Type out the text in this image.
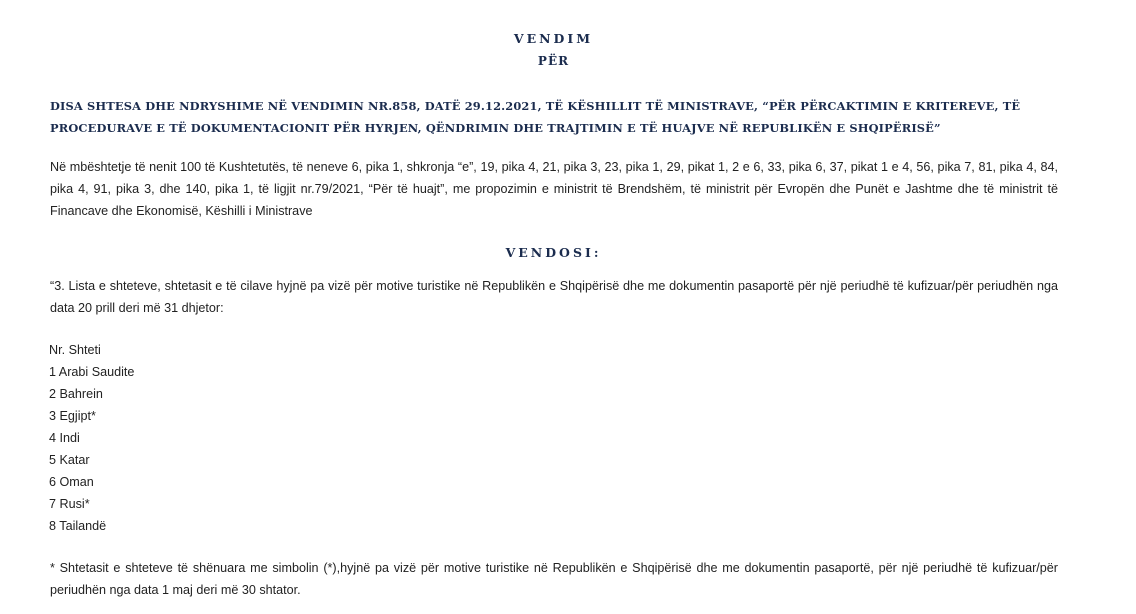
VENDIM
PËR
DISA SHTESA DHE NDRYSHIME NË VENDIMIN NR.858, DATË 29.12.2021, TË KËSHILLIT TË MINISTRAVE, “PËR PËRCAKTIMIN E KRITEREVE, TË PROCEDURAVE E TË DOKUMENTACIONIT PËR HYRJEN, QËNDRIMIN DHE TRAJTIMIN E TË HUAJVE NË REPUBLIKËN E SHQIPËRISË”

Në mbështetje të nenit 100 të Kushtetutës, të neneve 6, pika 1, shkronja “e”, 19, pika 4, 21, pika 3, 23, pika 1, 29, pikat 1, 2 e 6, 33, pika 6, 37, pikat 1 e 4, 56, pika 7, 81, pika 4, 84, pika 4, 91, pika 3, dhe 140, pika 1, të ligjit nr.79/2021, “Për të huajt”, me propozimin e ministrit të Brendshëm, të ministrit për Evropën dhe Punët e Jashtme dhe të ministrit të Financave dhe Ekonomisë, Këshilli i Ministrave

VENDOSI:

“3. Lista e shteteve, shtetasit e të cilave hyjnë pa vizë për motive turistike në Republikën e Shqipërisë dhe me dokumentin pasaportë për një periudhë të kufizuar/për periudhën nga data 20 prill deri më 31 dhjetor:

Nr. Shteti
1 Arabi Saudite
2 Bahrein
3 Egjipt*
4 Indi
5 Katar
6 Oman
7 Rusi*
8 Tailandë

* Shtetasit e shteteve të shënuara me simbolin (*),hyjnë pa vizë për motive turistike në Republikën e Shqipërisë dhe me dokumentin pasaportë, për një periudhë të kufizuar/për periudhën nga data 1 maj deri më 30 shtator.
